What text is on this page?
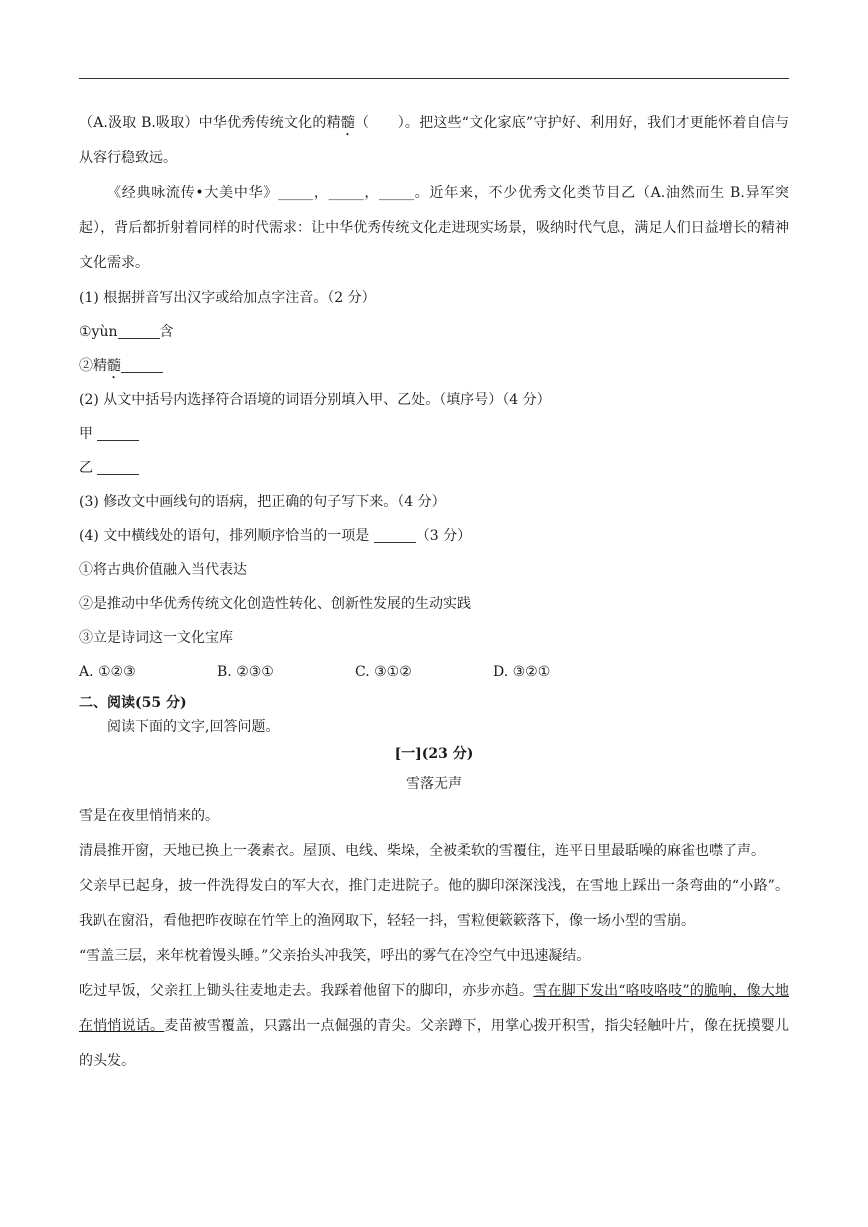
（A.汲取 B.吸取）中华优秀传统文化的精髓（　　）。把这些“文化家底”守护好、利用好，我们才更能怀着自信与从容行稳致远。

《经典咏流传•大美中华》_____，_____，_____。近年来，不少优秀文化类节目乙（A.油然而生 B.异军突起），背后都折射着同样的时代需求：让中华优秀传统文化走进现实场景，吸纳时代气息，满足人们日益增长的精神文化需求。

(1) 根据拼音写出汉字或给加点字注音。（2 分）

①yùn	含

②精髓

(2) 从文中括号内选择符合语境的词语分别填入甲、乙处。（填序号）（4 分）

甲

乙

(3) 修改文中画线句的语病，把正确的句子写下来。（4 分）

(4) 文中横线处的语句，排列顺序恰当的一项是	（3 分）

①将古典价值融入当代表达

②是推动中华优秀传统文化创造性转化、创新性发展的生动实践

③立是诗词这一文化宝库

A. ①②③	B. ②③①	C. ③①②	D. ③②①

二、阅读(55 分)

阅读下面的文字,回答问题。

[一](23 分)

雪落无声

雪是在夜里悄悄来的。

清晨推开窗，天地已换上一袭素衣。屋顶、电线、柴垛，全被柔软的雪覆住，连平日里最聒噪的麻雀也噤了声。

父亲早已起身，披一件洗得发白的军大衣，推门走进院子。他的脚印深深浅浅，在雪地上踩出一条弯曲的“小路”。我趴在窗沿，看他把昨夜晾在竹竿上的渔网取下，轻轻一抖，雪粒便簌簌落下，像一场小型的雪崩。

“雪盖三层，来年枕着馒头睡。”父亲抬头冲我笑，呼出的雾气在冷空气中迅速凝结。

吃过早饭，父亲扛上锄头往麦地走去。我踩着他留下的脚印，亦步亦趋。雪在脚下发出“咯吱咯吱”的脆响，像大地在悄悄说话。麦苗被雪覆盖，只露出一点倔强的青尖。父亲蹲下，用掌心拨开积雪，指尖轻触叶片，像在抚摸婴儿的头发。
